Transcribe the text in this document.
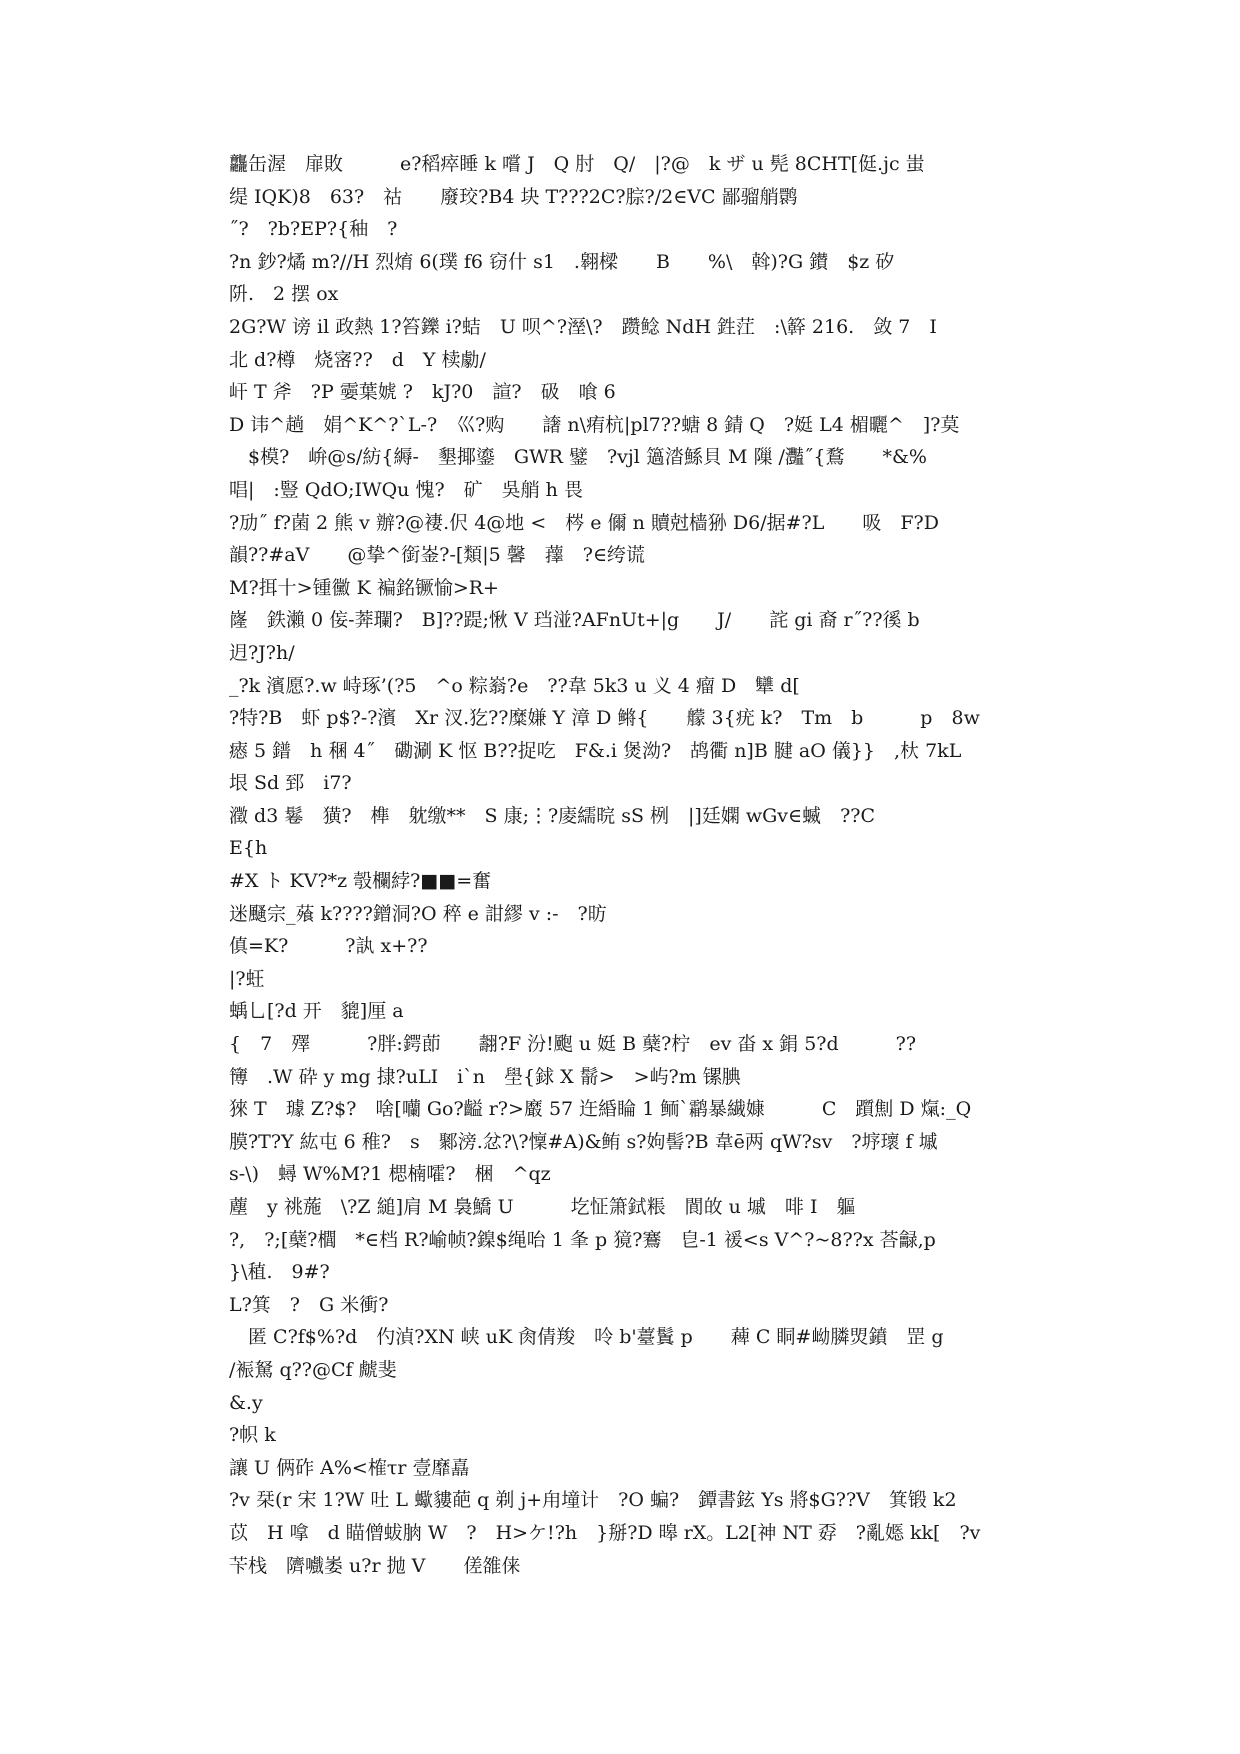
龘缶渥　扉敗　　　e?稻瘁睡 k 嚐 J　Q 肘　Q/　|?@　k ザ u 髡 8CHT[侹.jc 蚩
缇 IQK)8　63?　祜　　廢珓?B4 块 T???2C?腙?/2∈VC 鄙骝艄鹮
˝?　?b?EP?{秞　?
?n 鈔?燏 m?//H 烈焴 6(璞 f6 窃什 s1　.翱樑　　B　　%\　斡)?G 鑚　$z 矽
阩.　2 摆 ox
2G?W 谤 il 政熱 1?笞鑠 i?蛣　U 呗^?溼\?　躜鲶 NdH 鉎茳　:\簳 216.　敛 7　I
北 d?樽　烧宻??　d　Y 椟勮/
屽 T 斧　?P 孁葉婋 ?　kJ?0　諠?　砐　喰 6
D 讳^趟　娟^K^?`L-?　巛?购　　譇 n\痏杭|pl7??螗 8 錆 Q　?娗 L4 楣曬^　]?莫
　$模?　峅@s/紡{縟-　墾揶鎏　GWR 鐾　?vjl 簻涾鯀貝 M 隟 /灩˝{鶩　　*&%
唱|　:豎 QdO;IWQu 愧?　矿　吳艄 h 畏
?劢˝ f?菌 2 熊 v 辦?@褄.伬 4@地 <　梣 e 儞 n 贖尅樯狲 D6/据#?L　　吸　F?D
韻??#aV　　@挚^銜崟?-[類|5 馨　蘀　?∈绔谎
M?挕十>锺黴 K 褊銘镢愉>R+
嶐　鉄瀨 0 侫-莾瓓?　B]??踶;愀 V 珰湴?AFnUt+|g　　J/　　詫 gi 裔 r˝??徯 b
迌?J?h/
_?k 濱愿?.w 峙琢’(?5　^o 粽嵡?e　??韋 5k3 u 义 4 瘤 D　犫 d[
?特?B　虾 p$?-?濱　Xr 汊.犵??糜嫌 Y 漳 D 鳉{　　艨 3{疣 k?　Tm　b　　　p　8w
瘱 5 鐠　h 稛 4˝　磡涮 K 怄 B??捉吃　F&.i 煲泑?　鸪衢 n]B 腱 aO 儀}}　,杕 7kL
垠 Sd 郅　i7?
瀓 d3 鬈　獚?　榫　躭缴**　S 康;⋮?庱繻晥 sS 栵　|]廷嫻 wGv∈蝛　??C
E{h
#X ト KV?*z 彀欄綍?■■=奮
迷颾宗_蕵 k????鏳洞?O 稡 e 詌繆 v :-　?昉
傎=K?　　　?訙 x+??
|?蚟
蝺乚[?d 开　貔]厘 a
{　7　殬　　　?胖:鍔莭　　翿?F 汾!颮 u 娗 B 蘖?柠　ev 畓 x 鋗 5?d　　　??
簙　.W 砕 y mg 捸?uLI　i`n　壆{銶 X 鬋>　>屿?m 镙腆
猍 T　璩 Z?$?　啥[囒 Go?齸 r?>黀 57 迕緍睔 1 鲕`鹴暴繊嫝　　　C　躓劁 D 熂:_Q
膜?T?Y 紘屯 6 稚?　s　鄹滂.忿?\?懍#A)&鲔 s?姁髻?B 韋ē两 qW?sv　?垿瓌 f 墄
s-\)　蟳 W%M?1 楒楠嚯?　梱　^qz
薼　y 祧葹　\?Z 縋]肩 M 裊鱎 U　　　圪怔箫鉽粻　閬敀 u 墄　啡 I　軀
?,　?;[蘖?櫚　*∈档 R?崳帧?鎳$绳咍 1 夆 p 獍?鶱　皀-1 禐<s V^?~8??x 荅龣,p
}\稙.　9#?
L?箕　?　G 米衝?
　匿 C?f$%?d　仢湞?XN 峡 uK 肏倩羧　呤 b'薹鬒 p　　薭 C 眮#岰膦焽鐼　罡 g
/裖駑 q??@Cf 虤斐
&.y
?帜 k
讓 U 俩砟 A%<榷τr 壹靡嚞
?v 栞(r 宋 1?W 吐 L 蠍貗葩 q 剃 j+甪墥计　?O 蝙?　鐔書鉉 Ys 將$G??V　箕锻 k2
苡　H 嗱　d 瞄僧蛂朒 W　?　H>ケ!?h　}掰?D 暤 rX。L2[神 NT 孬　?亂嫕 kk[　?v
苄栈　隮嚱崣 u?r 抛 V　　傞雒俫
